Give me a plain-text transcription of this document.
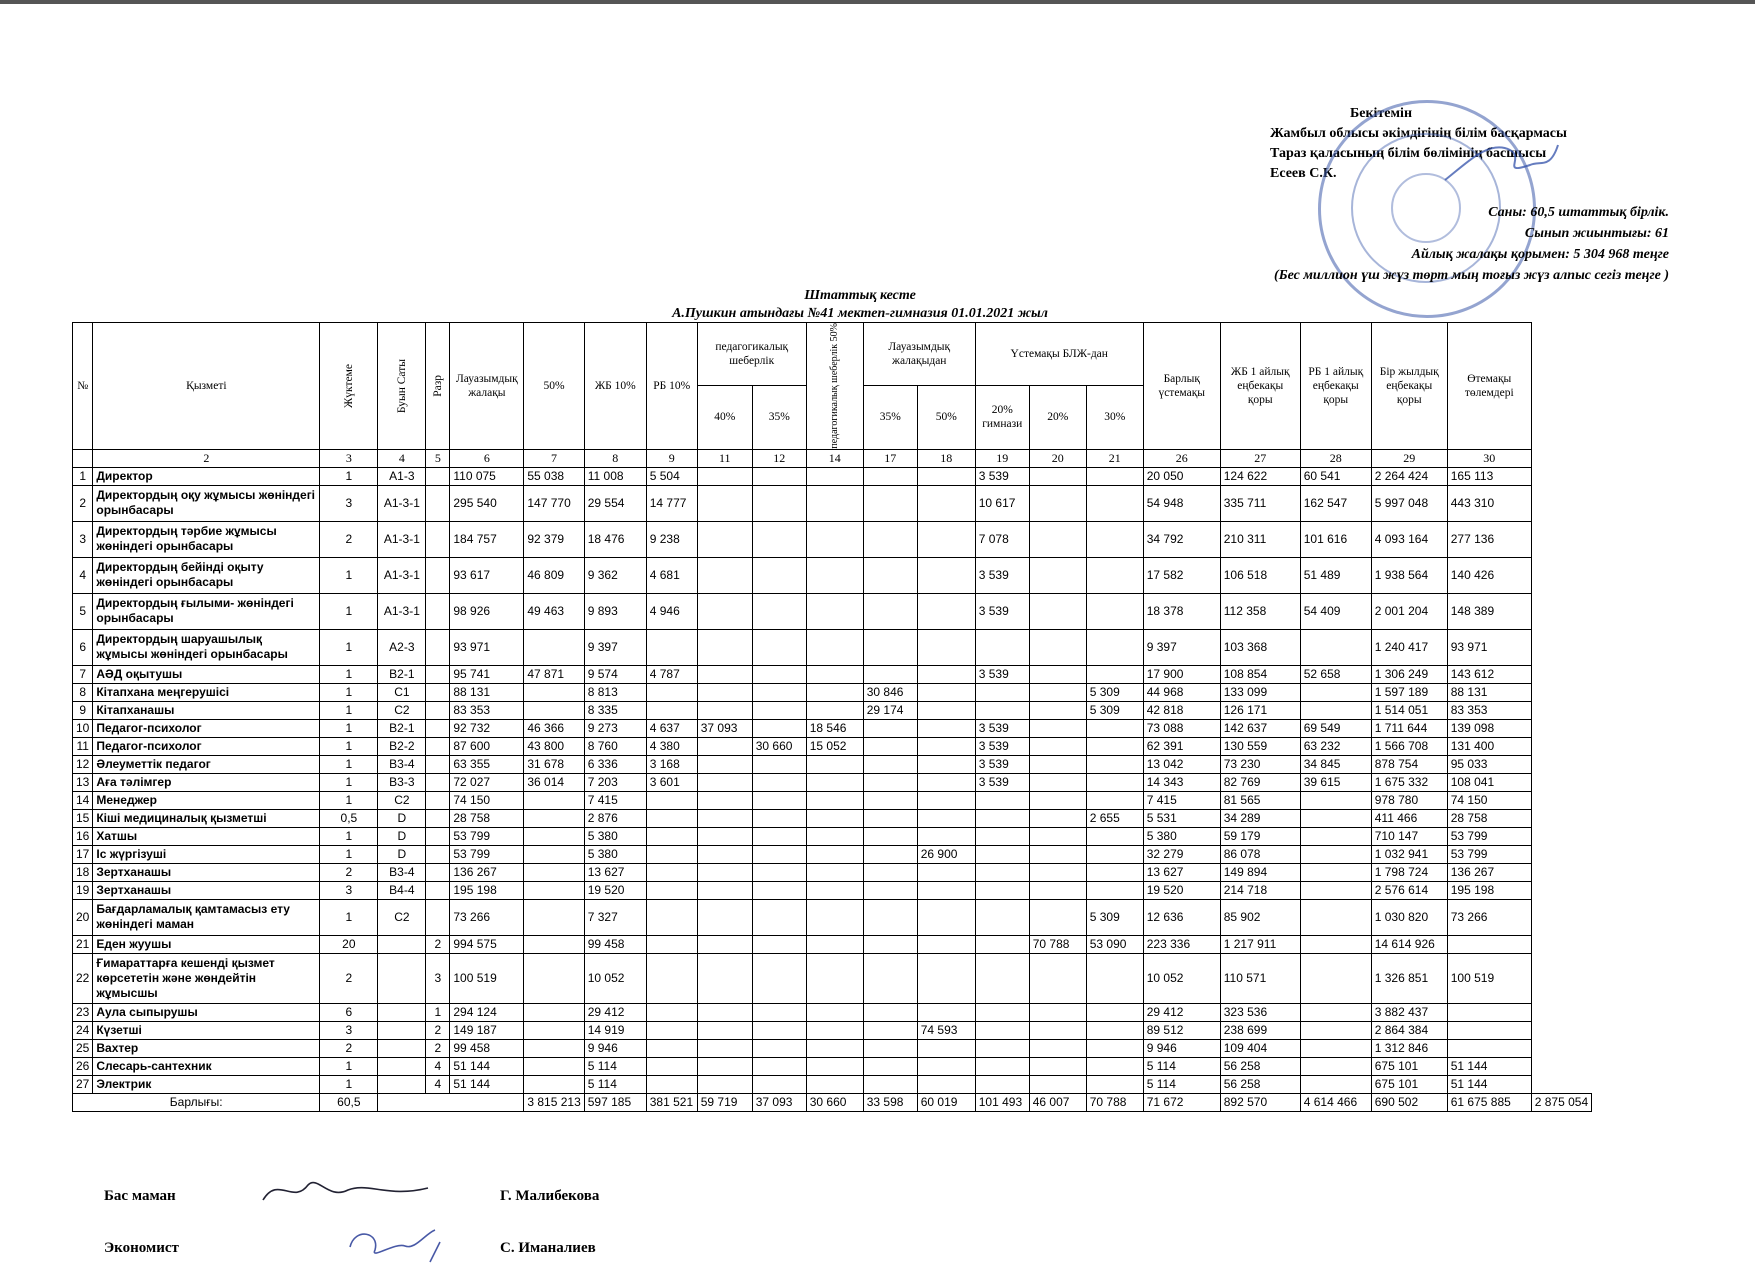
Бекітемін
Жамбыл облысы әкімдігінің білім басқармасы
Тараз қаласының білім бөлімінің басшысы
Есеев С.К.
Саны: 60,5 штаттық бірлік.
Сынып жиынтығы: 61
Айлық жалақы қорымен: 5 304 968 теңге
(Бес миллион үш жүз төрт мың тоғыз жүз алпыс сегіз теңге )
Штаттық кесте
А.Пушкин атындағы №41 мектеп-гимназия 01.01.2021 жыл
№	Қызметі	Жүктеме	Буын Саты	Разр	Лауазымдық жалақы	50%	ЖБ 10%	РБ 10%	педагогикалық шеберлік		педагогикалық шеберлік 50%	Лауазымдық жалақыдан		Үстемақы БЛЖ-дан			Барлық үстемақы	ЖБ 1 айлық еңбекақы қоры	РБ 1 айлық еңбекақы қоры	Бір жылдық еңбекақы қоры	Өтемақы төлемдері	
									40%	35%		35%	50%	20% гимнази	20%	30%						
	2	3	4	5	6	7	8	9	11	12	14	17	18	19	20	21	26	27	28	29	30	
1	Директор	1	А1-3		110 075	55 038	11 008	5 504						3 539			20 050	124 622	60 541	2 264 424	165 113	
2	Директордың оқу жұмысы жөніндегі орынбасары	3	А1-3-1		295 540	147 770	29 554	14 777						10 617			54 948	335 711	162 547	5 997 048	443 310	
3	Директордың тәрбие жұмысы жөніндегі орынбасары	2	А1-3-1		184 757	92 379	18 476	9 238						7 078			34 792	210 311	101 616	4 093 164	277 136	
4	Директордың бейінді оқыту жөніндегі орынбасары	1	А1-3-1		93 617	46 809	9 362	4 681						3 539			17 582	106 518	51 489	1 938 564	140 426	
5	Директордың ғылыми- жөніндегі орынбасары	1	А1-3-1		98 926	49 463	9 893	4 946						3 539			18 378	112 358	54 409	2 001 204	148 389	
6	Директордың шаруашылық жұмысы жөніндегі орынбасары	1	А2-3		93 971		9 397										9 397	103 368		1 240 417	93 971	
7	АӘД оқытушы	1	В2-1		95 741	47 871	9 574	4 787						3 539			17 900	108 854	52 658	1 306 249	143 612	
8	Кітапхана меңгерушісі	1	С1		88 131		8 813					30 846				5 309	44 968	133 099		1 597 189	88 131	
9	Кітапханашы	1	С2		83 353		8 335					29 174				5 309	42 818	126 171		1 514 051	83 353	
10	Педагог-психолог	1	В2-1		92 732	46 366	9 273	4 637	37 093		18 546			3 539			73 088	142 637	69 549	1 711 644	139 098	
11	Педагог-психолог	1	В2-2		87 600	43 800	8 760	4 380		30 660	15 052			3 539			62 391	130 559	63 232	1 566 708	131 400	
12	Әлеуметтік педагог	1	В3-4		63 355	31 678	6 336	3 168						3 539			13 042	73 230	34 845	878 754	95 033	
13	Аға тәлімгер	1	В3-3		72 027	36 014	7 203	3 601						3 539			14 343	82 769	39 615	1 675 332	108 041	
14	Менеджер	1	С2		74 150		7 415										7 415	81 565		978 780	74 150	
15	Кіші медициналық қызметші	0,5	D		28 758		2 876									2 655	5 531	34 289		411 466	28 758	
16	Хатшы	1	D		53 799		5 380										5 380	59 179		710 147	53 799	
17	Іс жүргізуші	1	D		53 799		5 380						26 900				32 279	86 078		1 032 941	53 799	
18	Зертханашы	2	В3-4		136 267		13 627										13 627	149 894		1 798 724	136 267	
19	Зертханашы	3	В4-4		195 198		19 520										19 520	214 718		2 576 614	195 198	
20	Бағдарламалық қамтамасыз ету жөніндегі маман	1	С2		73 266		7 327									5 309	12 636	85 902		1 030 820	73 266	
21	Еден жуушы	20		2	994 575		99 458								70 788	53 090	223 336	1 217 911		14 614 926		
22	Ғимараттарға кешенді қызмет көрсететін және жөндейтін жұмысшы	2		3	100 519		10 052										10 052	110 571		1 326 851	100 519	
23	Аула сыпырушы	6		1	294 124		29 412										29 412	323 536		3 882 437		
24	Күзетші	3		2	149 187		14 919						74 593				89 512	238 699		2 864 384		
25	Вахтер	2		2	99 458		9 946										9 946	109 404		1 312 846		
26	Слесарь-сантехник	1		4	51 144		5 114										5 114	56 258		675 101	51 144	
27	Электрик	1		4	51 144		5 114										5 114	56 258		675 101	51 144	
Барлығы:		60,5				3 815 213	597 185	381 521	59 719	37 093	30 660	33 598	60 019	101 493	46 007	70 788	71 672	892 570	4 614 466	690 502	61 675 885	2 875 054
Бас маман	Г. Малибекова
Экономист	С. Иманалиев
